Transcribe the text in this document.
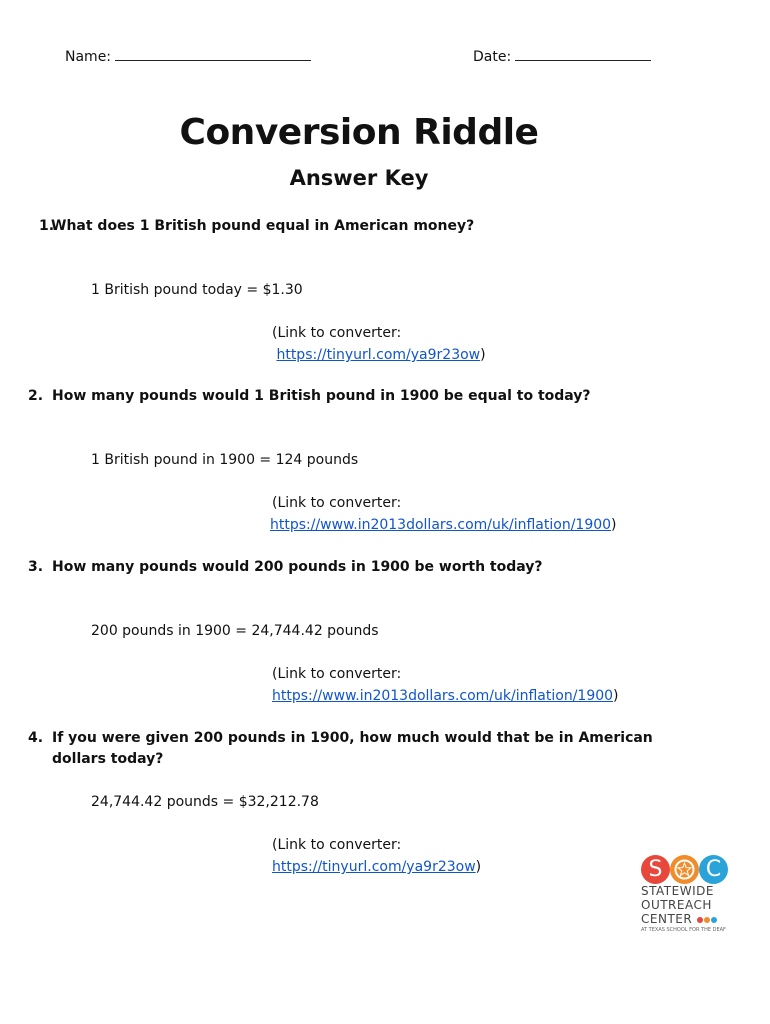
Name:	Date:
Conversion Riddle
Answer Key
1.
What does 1 British pound equal in American money?
1 British pound today = $1.30
(Link to converter:
https://tinyurl.com/ya9r23ow)
2. How many pounds would 1 British pound in 1900 be equal to today?
1 British pound in 1900 = 124 pounds
(Link to converter:
https://www.in2013dollars.com/uk/inflation/1900)
3. How many pounds would 200 pounds in 1900 be worth today?
200 pounds in 1900 = 24,744.42 pounds
(Link to converter:
https://www.in2013dollars.com/uk/inflation/1900)
4. If you were given 200 pounds in 1900, how much would that be in American dollars today?
24,744.42 pounds = $32,212.78
(Link to converter:
https://tinyurl.com/ya9r23ow)	S	C
STATEWIDE
OUTREACH
CENTER
AT TEXAS SCHOOL FOR THE DEAF
